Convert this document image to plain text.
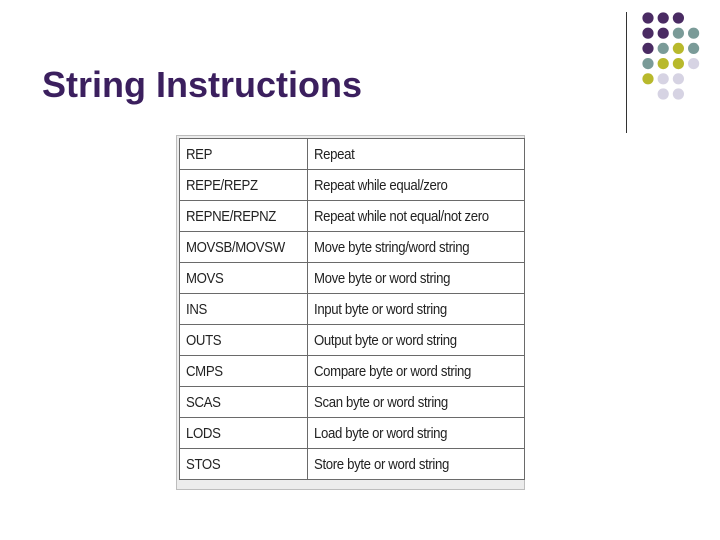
String Instructions
REP	Repeat
REPE/REPZ	Repeat while equal/zero
REPNE/REPNZ	Repeat while not equal/not zero
MOVSB/MOVSW	Move byte string/word string
MOVS	Move byte or word string
INS	Input byte or word string
OUTS	Output byte or word string
CMPS	Compare byte or word string
SCAS	Scan byte or word string
LODS	Load byte or word string
STOS	Store byte or word string
